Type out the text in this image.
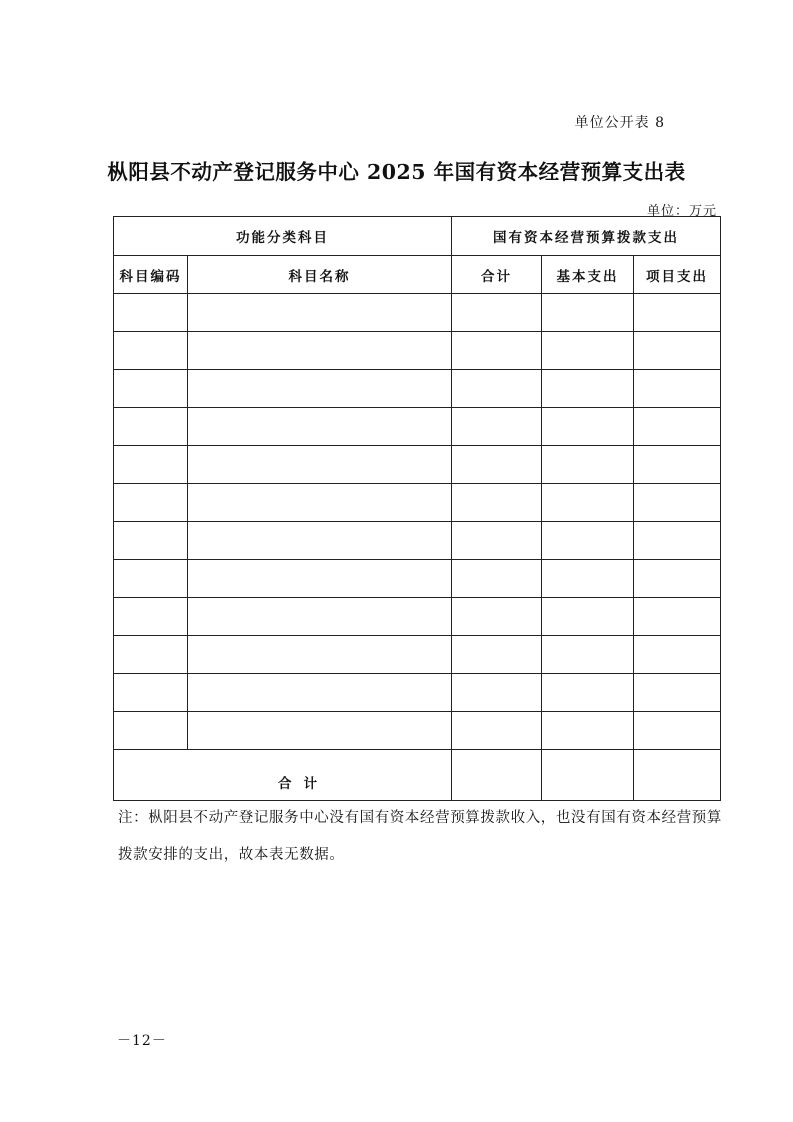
单位公开表 8
枞阳县不动产登记服务中心 2025 年国有资本经营预算支出表
单位：万元
功能分类科目		国有资本经营预算拨款支出		
科目编码	科目名称	合计	基本支出	项目支出

合计				

注：枞阳县不动产登记服务中心没有国有资本经营预算拨款收入，也没有国有资本经营预算拨款安排的支出，故本表无数据。

－12－
